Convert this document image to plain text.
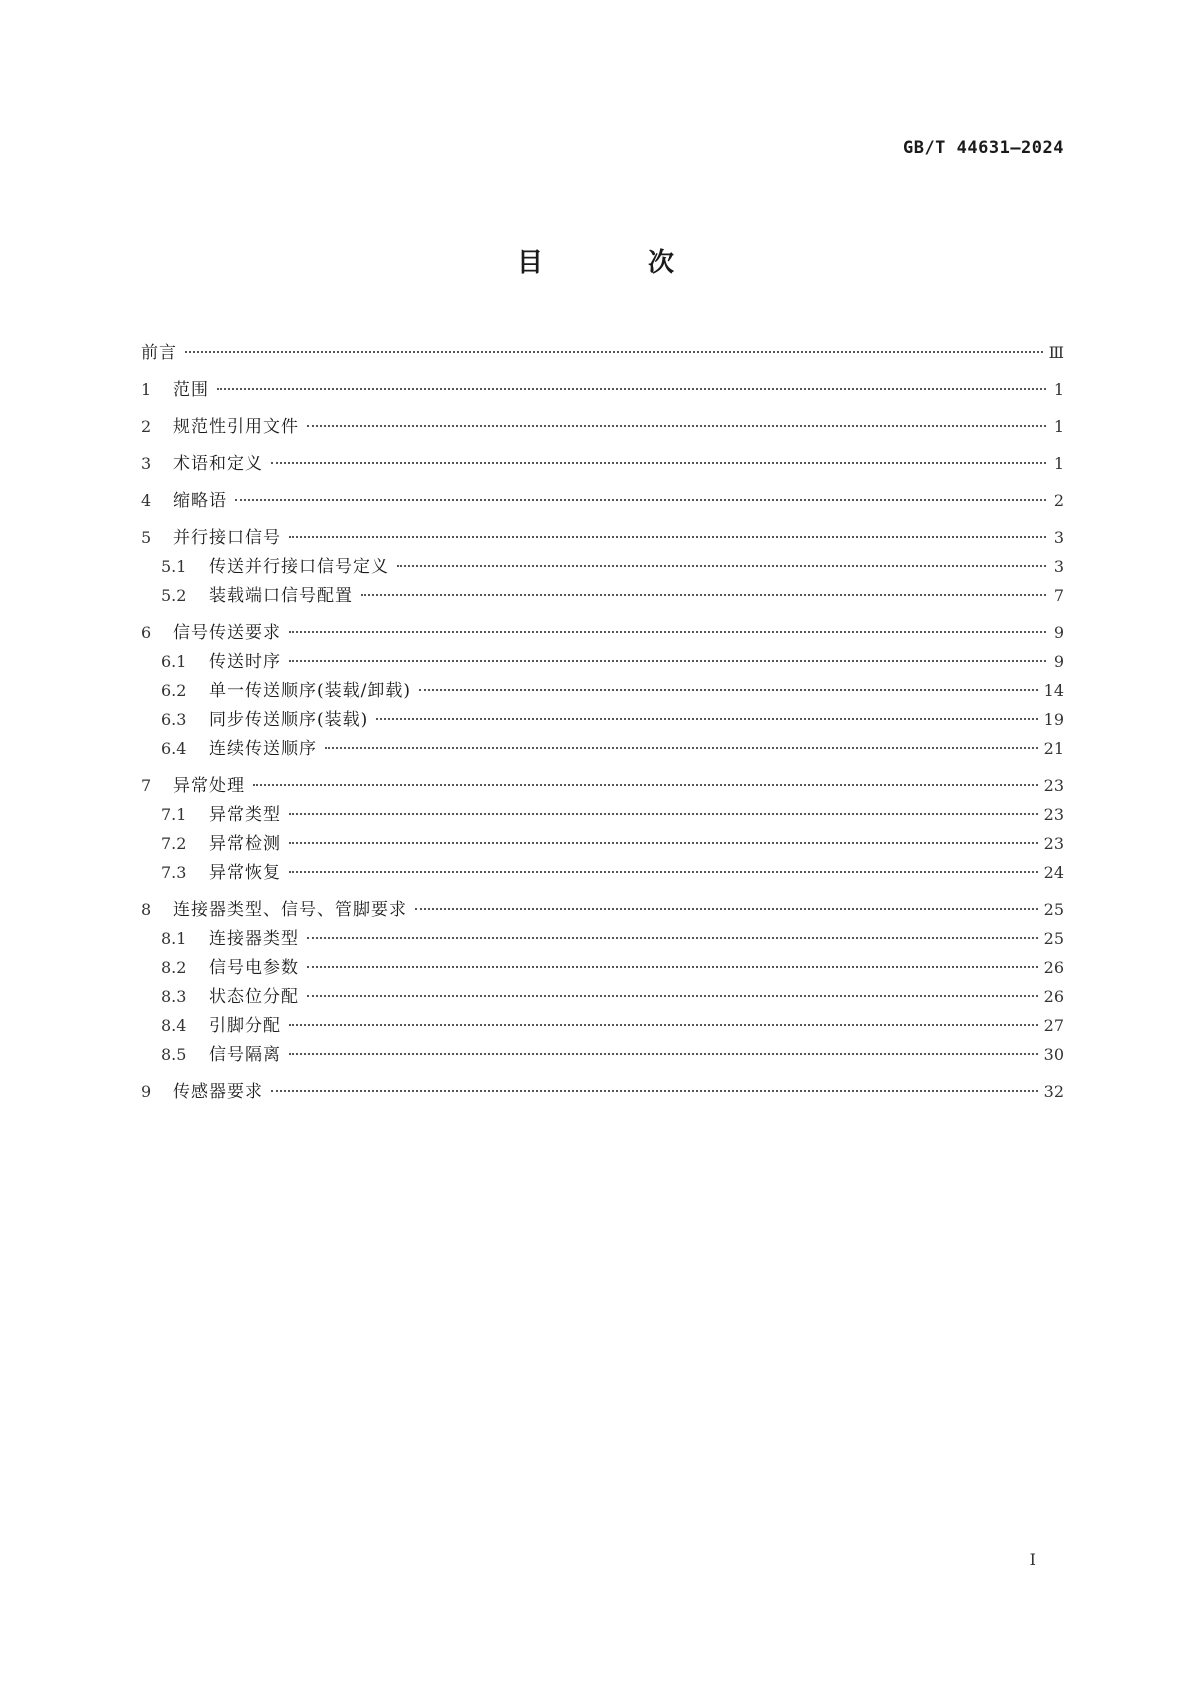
GB/T 44631—2024
目 次
前言	Ⅲ
1	范围	1
2	规范性引用文件	1
3	术语和定义	1
4	缩略语	2
5	并行接口信号	3
5.1	传送并行接口信号定义	3
5.2	装载端口信号配置	7
6	信号传送要求	9
6.1	传送时序	9
6.2	单一传送顺序(装载/卸载)	14
6.3	同步传送顺序(装载)	19
6.4	连续传送顺序	21
7	异常处理	23
7.1	异常类型	23
7.2	异常检测	23
7.3	异常恢复	24
8	连接器类型、信号、管脚要求	25
8.1	连接器类型	25
8.2	信号电参数	26
8.3	状态位分配	26
8.4	引脚分配	27
8.5	信号隔离	30
9	传感器要求	32
I
